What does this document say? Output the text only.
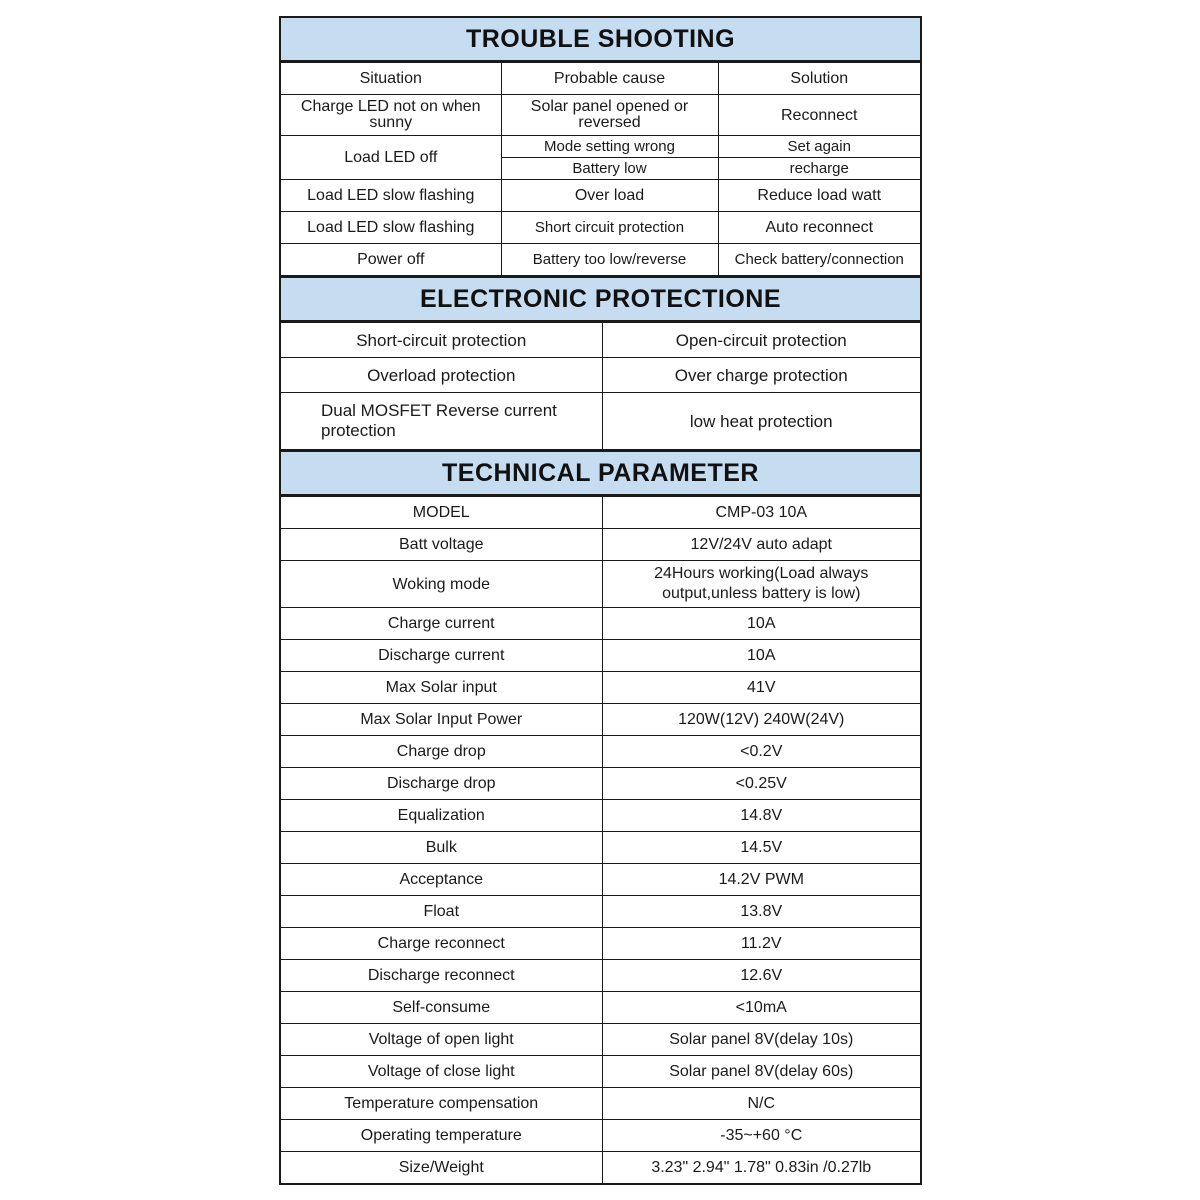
TROUBLE SHOOTING
Situation	Probable cause	Solution
Charge LED not on when sunny	Solar panel opened or reversed	Reconnect
Load LED off	Mode setting wrong	Set again
	Battery low	recharge
Load LED slow flashing	Over load	Reduce load watt
Load LED slow flashing	Short circuit protection	Auto reconnect
Power off	Battery too low/reverse	Check battery/connection
ELECTRONIC PROTECTIONE
Short-circuit protection	Open-circuit protection
Overload protection	Over charge protection
Dual MOSFET Reverse current protection	low heat protection
TECHNICAL PARAMETER
MODEL	CMP-03 10A
Batt voltage	12V/24V auto adapt
Woking mode	24Hours working(Load always output,unless battery is low)
Charge current	10A
Discharge current	10A
Max Solar input	41V
Max Solar Input Power	120W(12V) 240W(24V)
Charge drop	<0.2V
Discharge drop	<0.25V
Equalization	14.8V
Bulk	14.5V
Acceptance	14.2V PWM
Float	13.8V
Charge reconnect	11.2V
Discharge reconnect	12.6V
Self-consume	<10mA
Voltage of open light	Solar panel 8V(delay 10s)
Voltage of close light	Solar panel 8V(delay 60s)
Temperature compensation	N/C
Operating temperature	-35~+60 °C
Size/Weight	3.23" 2.94" 1.78" 0.83in /0.27lb
